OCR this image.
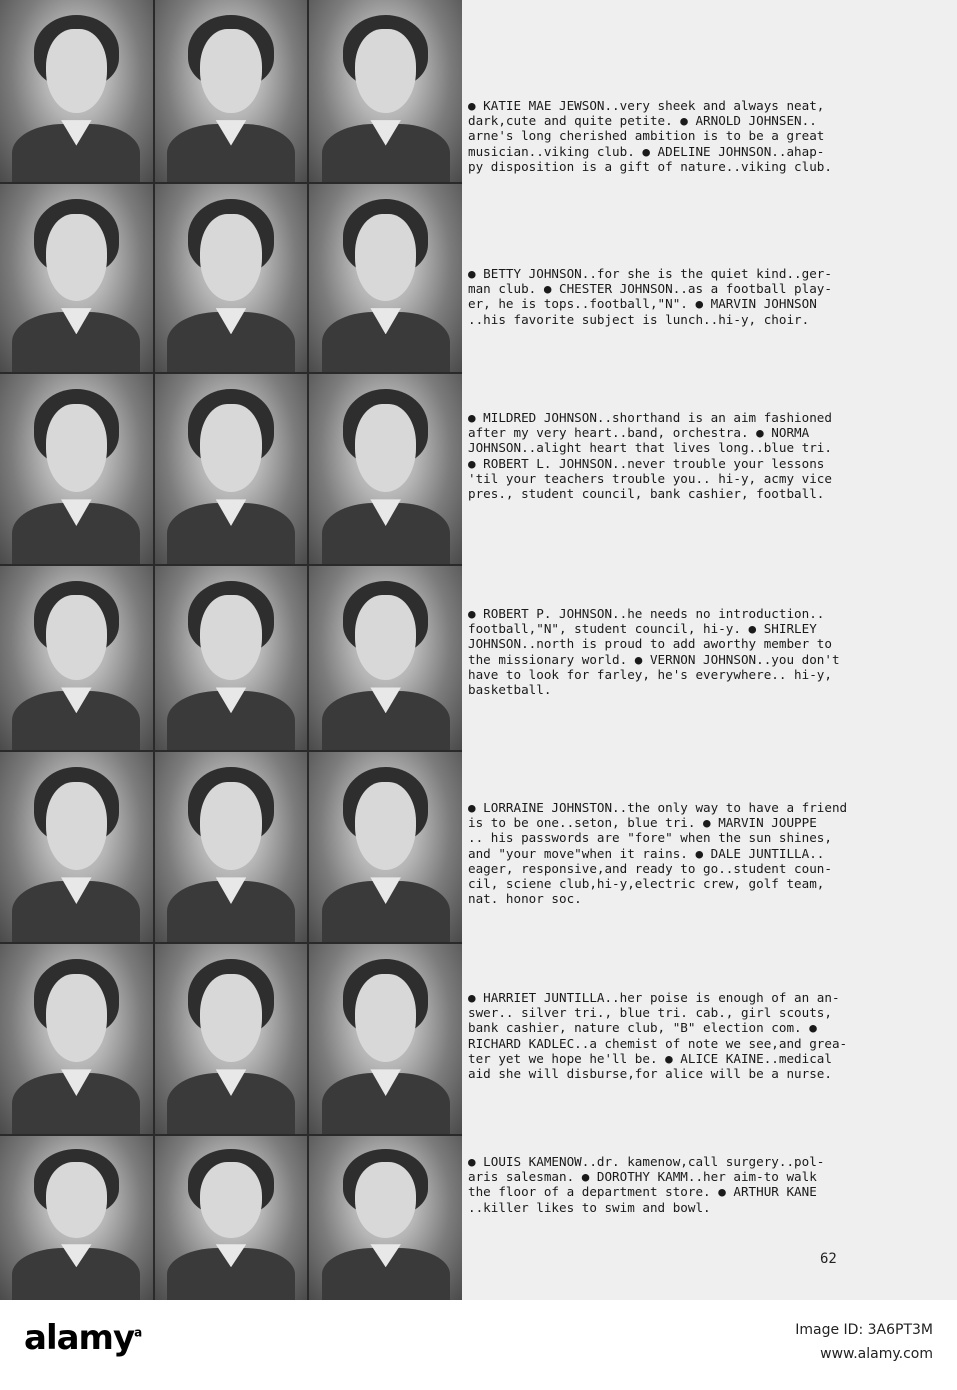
● KATIE MAE JEWSON..very sheek and always neat,
dark,cute and quite petite. ● ARNOLD JOHNSEN..
arne's long cherished ambition is to be a great
musician..viking club. ● ADELINE JOHNSON..ahap-
py disposition is a gift of nature..viking club.
● BETTY JOHNSON..for she is the quiet kind..ger-
man club. ● CHESTER JOHNSON..as a football play-
er, he is tops..football,"N". ● MARVIN JOHNSON
..his favorite subject is lunch..hi-y, choir.
● MILDRED JOHNSON..shorthand is an aim fashioned
after my very heart..band, orchestra. ● NORMA
JOHNSON..alight heart that lives long..blue tri.
● ROBERT L. JOHNSON..never trouble your lessons
'til your teachers trouble you.. hi-y, acmy vice
pres., student council, bank cashier, football.
● ROBERT P. JOHNSON..he needs no introduction..
football,"N", student council, hi-y. ● SHIRLEY
JOHNSON..north is proud to add aworthy member to
the missionary world. ● VERNON JOHNSON..you don't
have to look for farley, he's everywhere.. hi-y,
basketball.
● LORRAINE JOHNSTON..the only way to have a friend
is to be one..seton, blue tri. ● MARVIN JOUPPE
.. his passwords are "fore" when the sun shines,
and "your move"when it rains. ● DALE JUNTILLA..
eager, responsive,and ready to go..student coun-
cil, sciene club,hi-y,electric crew, golf team,
nat. honor soc.
● HARRIET JUNTILLA..her poise is enough of an an-
swer.. silver tri., blue tri. cab., girl scouts,
bank cashier, nature club, "B" election com. ●
RICHARD KADLEC..a chemist of note we see,and grea-
ter yet we hope he'll be. ● ALICE KAINE..medical
aid she will disburse,for alice will be a nurse.
● LOUIS KAMENOW..dr. kamenow,call surgery..pol-
aris salesman. ● DOROTHY KAMM..her aim-to walk
the floor of a department store. ● ARTHUR KANE
..killer likes to swim and bowl.
62
alamy$^a$	Image ID: 3A6PT3M
www.alamy.com
